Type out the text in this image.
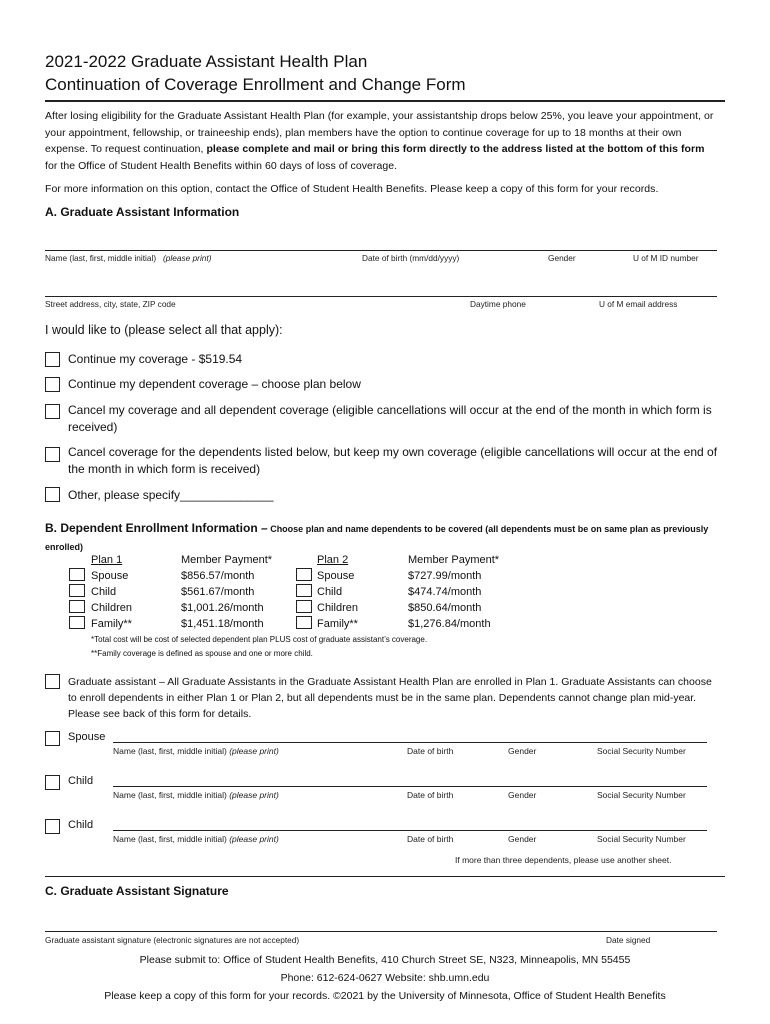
2021-2022 Graduate Assistant Health Plan
Continuation of Coverage Enrollment and Change Form
After losing eligibility for the Graduate Assistant Health Plan (for example, your assistantship drops below 25%, you leave your appointment, or your appointment, fellowship, or traineeship ends), plan members have the option to continue coverage for up to 18 months at their own expense. To request continuation, please complete and mail or bring this form directly to the address listed at the bottom of this form for the Office of Student Health Benefits within 60 days of loss of coverage.
For more information on this option, contact the Office of Student Health Benefits. Please keep a copy of this form for your records.
A. Graduate Assistant Information
Name (last, first, middle initial) (please print)	Date of birth (mm/dd/yyyy)	Gender	U of M ID number
Street address, city, state, ZIP code	Daytime phone	U of M email address
I would like to (please select all that apply):
Continue my coverage - $519.54
Continue my dependent coverage – choose plan below
Cancel my coverage and all dependent coverage (eligible cancellations will occur at the end of the month in which form is received)
Cancel coverage for the dependents listed below, but keep my own coverage (eligible cancellations will occur at the end of the month in which form is received)
Other, please specify______________
B. Dependent Enrollment Information – Choose plan and name dependents to be covered (all dependents must be on same plan as previously enrolled)
Plan 1	Member Payment*
Spouse	$856.57/month
Child	$561.67/month
Children	$1,001.26/month
Family**	$1,451.18/month
Plan 2	Member Payment*
Spouse	$727.99/month
Child	$474.74/month
Children	$850.64/month
Family**	$1,276.84/month
*Total cost will be cost of selected dependent plan PLUS cost of graduate assistant’s coverage.
**Family coverage is defined as spouse and one or more child.
Graduate assistant – All Graduate Assistants in the Graduate Assistant Health Plan are enrolled in Plan 1. Graduate Assistants can choose to enroll dependents in either Plan 1 or Plan 2, but all dependents must be in the same plan. Dependents cannot change plan mid-year. Please see back of this form for details.
Spouse
Name (last, first, middle initial) (please print)	Date of birth	Gender	Social Security Number
Child
Name (last, first, middle initial) (please print)	Date of birth	Gender	Social Security Number
Child
Name (last, first, middle initial) (please print)	Date of birth	Gender	Social Security Number
If more than three dependents, please use another sheet.
C. Graduate Assistant Signature
Graduate assistant signature (electronic signatures are not accepted)	Date signed
Please submit to: Office of Student Health Benefits, 410 Church Street SE, N323, Minneapolis, MN 55455
Phone: 612-624-0627 Website: shb.umn.edu
Please keep a copy of this form for your records. ©2021 by the University of Minnesota, Office of Student Health Benefits
